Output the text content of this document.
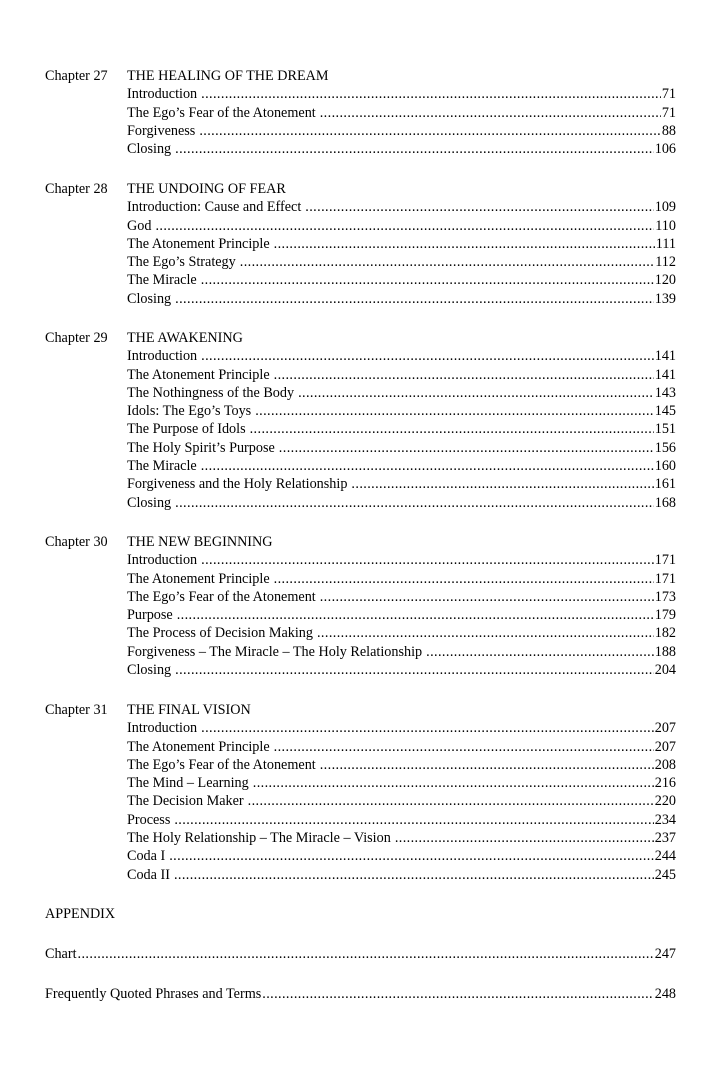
Chapter 27 THE HEALING OF THE DREAM
Introduction .....	71
The Ego’s Fear of the Atonement .....	71
Forgiveness .....	88
Closing .....	106
Chapter 28 THE UNDOING OF FEAR
Introduction: Cause and Effect .....	109
God .....	110
The Atonement Principle .....	111
The Ego’s Strategy .....	112
The Miracle .....	120
Closing .....	139
Chapter 29 THE AWAKENING
Introduction .....	141
The Atonement Principle .....	141
The Nothingness of the Body .....	143
Idols: The Ego’s Toys .....	145
The Purpose of Idols .....	151
The Holy Spirit’s Purpose .....	156
The Miracle .....	160
Forgiveness and the Holy Relationship .....	161
Closing .....	168
Chapter 30 THE NEW BEGINNING
Introduction .....	171
The Atonement Principle .....	171
The Ego’s Fear of the Atonement .....	173
Purpose .....	179
The Process of Decision Making .....	182
Forgiveness – The Miracle – The Holy Relationship .....	188
Closing .....	204
Chapter 31 THE FINAL VISION
Introduction .....	207
The Atonement Principle .....	207
The Ego’s Fear of the Atonement .....	208
The Mind – Learning .....	216
The Decision Maker .....	220
Process .....	234
The Holy Relationship – The Miracle – Vision .....	237
Coda I .....	244
Coda II .....	245
APPENDIX
Chart .....	247
Frequently Quoted Phrases and Terms .....	248
